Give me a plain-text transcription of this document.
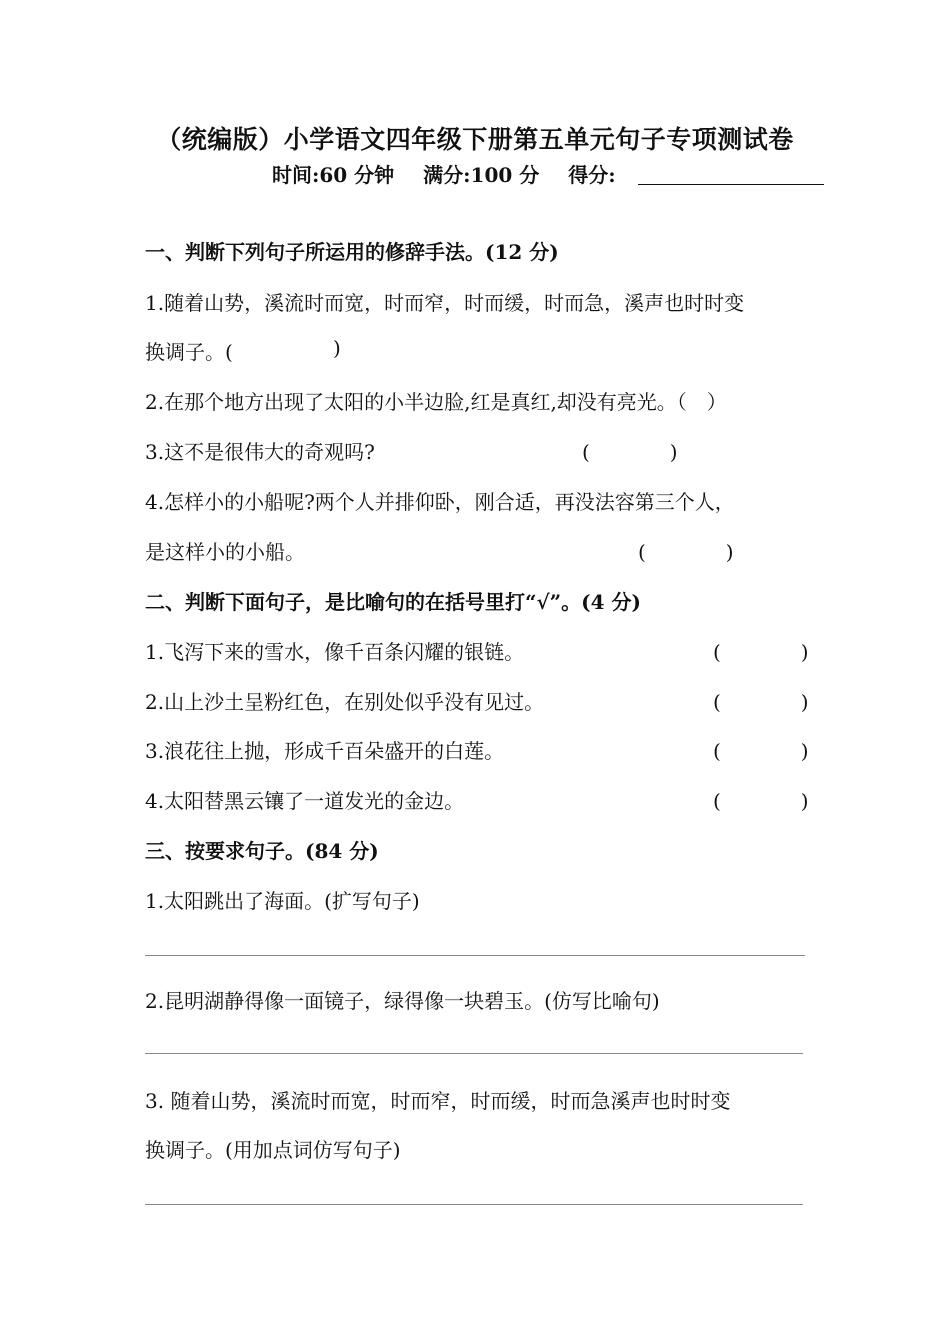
（统编版）小学语文四年级下册第五单元句子专项测试卷
时间:60 分钟 满分:100 分 得分:
一、判断下列句子所运用的修辞手法。(12 分)
1.随着山势，溪流时而宽，时而窄，时而缓，时而急，溪声也时时变
换调子。(	)
2.在那个地方出现了太阳的小半边脸,红是真红,却没有亮光。（　）
3.这不是很伟大的奇观吗?	(　　　　)
4.怎样小的小船呢?两个人并排仰卧，刚合适，再没法容第三个人，
是这样小的小船。	(　　　　)
二、判断下面句子，是比喻句的在括号里打“√”。(4 分)
1.飞泻下来的雪水，像千百条闪耀的银链。	(　　　　)
2.山上沙土呈粉红色，在别处似乎没有见过。	(　　　　)
3.浪花往上抛，形成千百朵盛开的白莲。	(　　　　)
4.太阳替黑云镶了一道发光的金边。	(　　　　)
三、按要求句子。(84 分)
1.太阳跳出了海面。(扩写句子)
2.昆明湖静得像一面镜子，绿得像一块碧玉。(仿写比喻句)
3. 随着山势，溪流时而宽，时而窄，时而缓，时而急溪声也时时变
换调子。(用加点词仿写句子)
